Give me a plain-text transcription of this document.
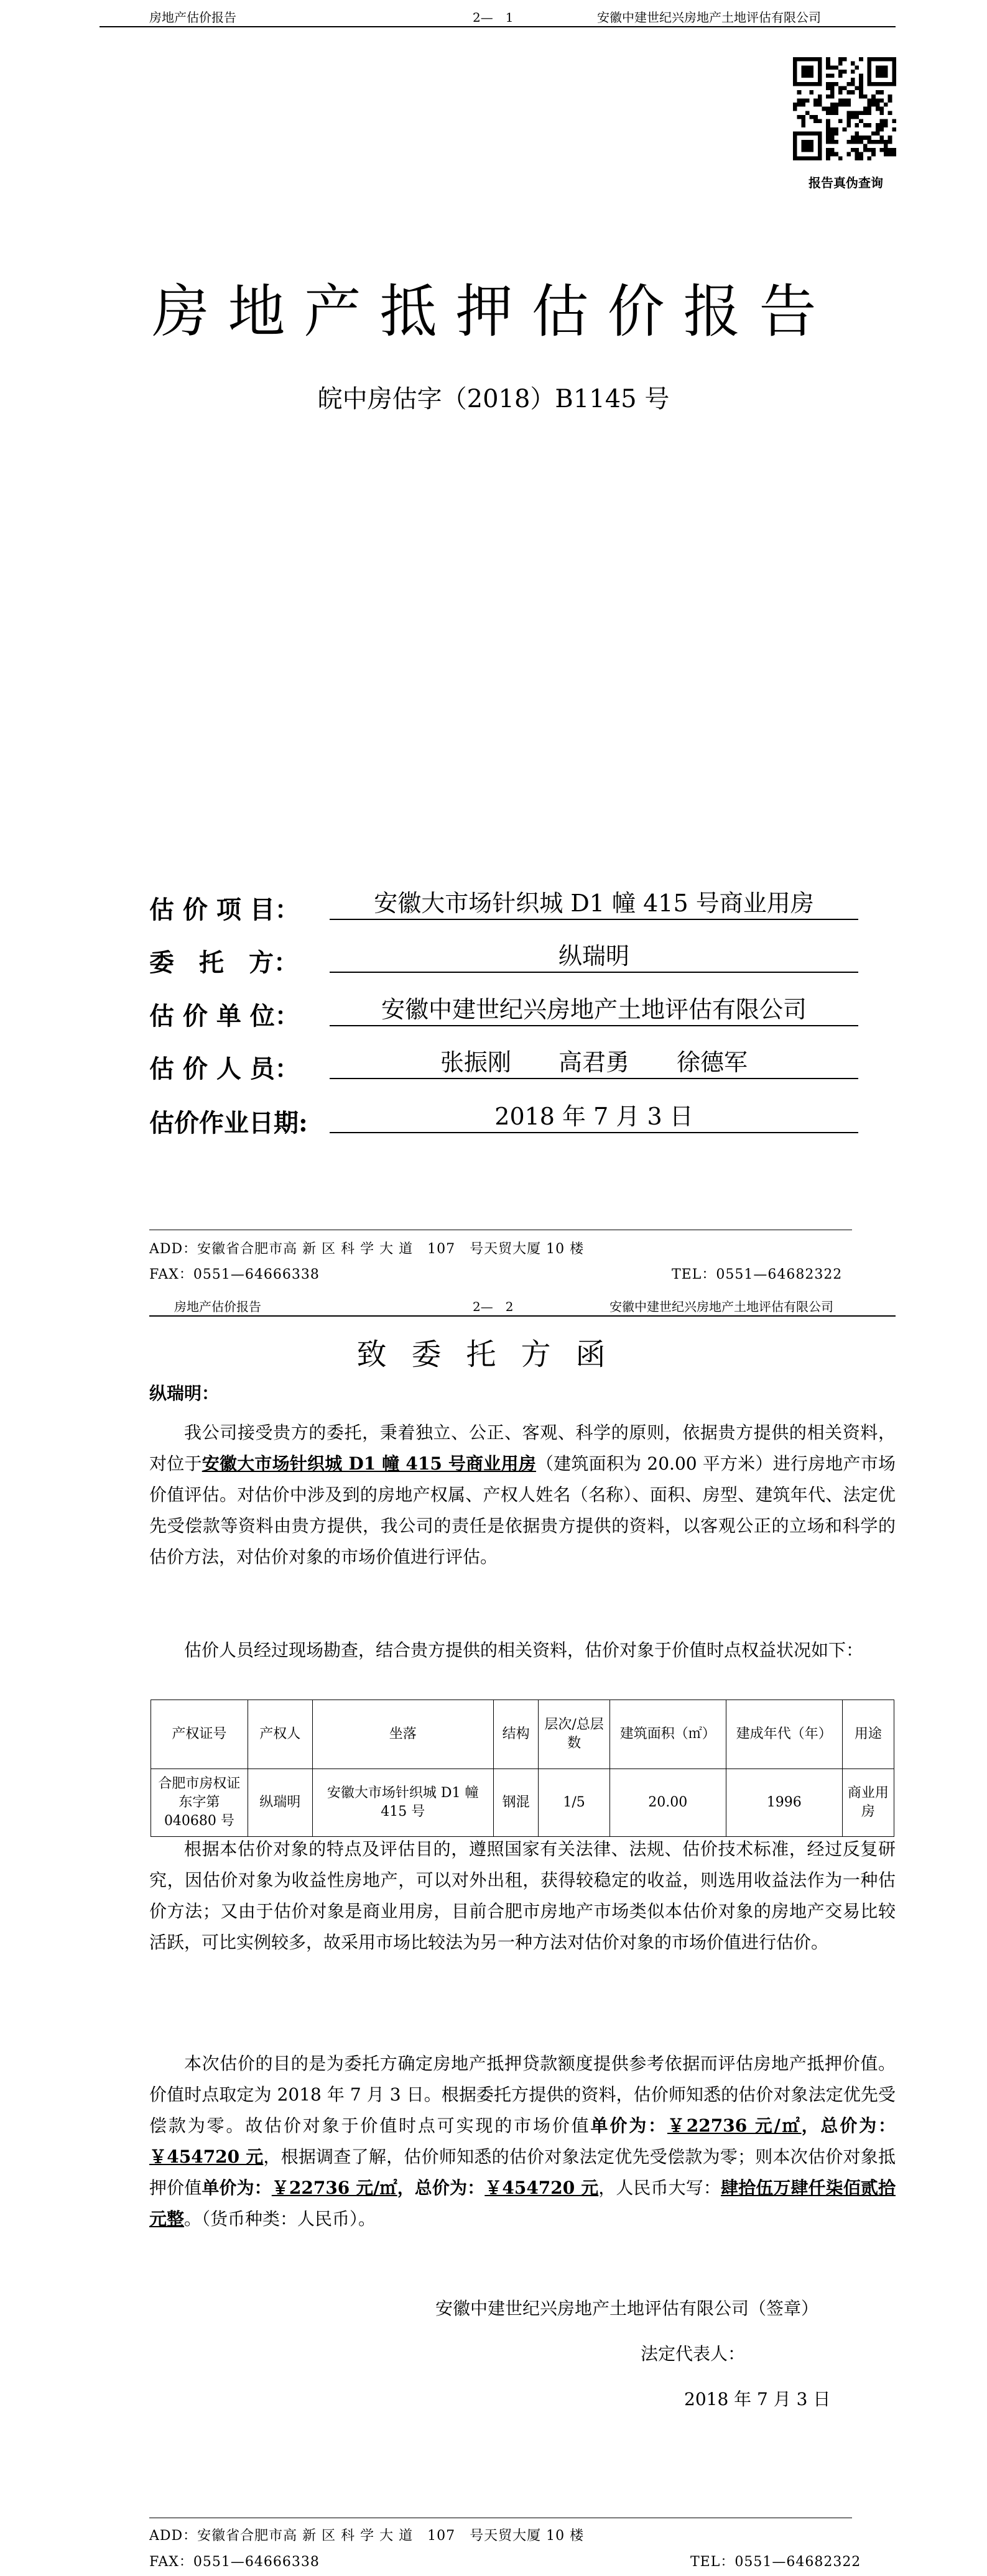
房地产估价报告	2—　1	安徽中建世纪兴房地产土地评估有限公司
报告真伪查询
房地产抵押估价报告
皖中房估字（2018）B1145 号
估 价 项 目：	安徽大市场针织城 D1 幢 415 号商业用房
委　托　方：	纵瑞明
估 价 单 位：	安徽中建世纪兴房地产土地评估有限公司
估 价 人 员：	张振刚　　高君勇　　徐德军
估价作业日期:	2018 年 7 月 3 日
ADD：安徽省合肥市高 新 区 科 学 大 道　107　号天贸大厦 10 楼
FAX：0551—64666338	TEL：0551—64682322
房地产估价报告	2—　2	安徽中建世纪兴房地产土地评估有限公司
致委托方函
纵瑞明：
我公司接受贵方的委托，秉着独立、公正、客观、科学的原则，依据贵方提供的相关资料，对位于安徽大市场针织城 D1 幢 415 号商业用房（建筑面积为 20.00 平方米）进行房地产市场价值评估。对估价中涉及到的房地产权属、产权人姓名（名称）、面积、房型、建筑年代、法定优先受偿款等资料由贵方提供，我公司的责任是依据贵方提供的资料，以客观公正的立场和科学的估价方法，对估价对象的市场价值进行评估。
估价人员经过现场勘查，结合贵方提供的相关资料，估价对象于价值时点权益状况如下：
产权证号	产权人	坐落	结构	层次/总层数	建筑面积（㎡）	建成年代（年）	用途
合肥市房权证东字第 040680 号	纵瑞明	安徽大市场针织城 D1 幢 415 号	钢混	1/5	20.00	1996	商业用房
根据本估价对象的特点及评估目的，遵照国家有关法律、法规、估价技术标准，经过反复研究，因估价对象为收益性房地产，可以对外出租，获得较稳定的收益，则选用收益法作为一种估价方法；又由于估价对象是商业用房，目前合肥市房地产市场类似本估价对象的房地产交易比较活跃，可比实例较多，故采用市场比较法为另一种方法对估价对象的市场价值进行估价。
本次估价的目的是为委托方确定房地产抵押贷款额度提供参考依据而评估房地产抵押价值。价值时点取定为 2018 年 7 月 3 日。根据委托方提供的资料，估价师知悉的估价对象法定优先受偿款为零。故估价对象于价值时点可实现的市场价值单价为：￥22736 元/㎡，总价为：￥454720 元，根据调查了解，估价师知悉的估价对象法定优先受偿款为零；则本次估价对象抵押价值单价为：￥22736 元/㎡，总价为：￥454720 元，人民币大写：肆拾伍万肆仟柒佰贰拾元整。（货币种类：人民币）。
安徽中建世纪兴房地产土地评估有限公司（签章）
法定代表人：
2018 年 7 月 3 日
ADD：安徽省合肥市高 新 区 科 学 大 道　107　号天贸大厦 10 楼
FAX：0551—64666338	TEL：0551—64682322
